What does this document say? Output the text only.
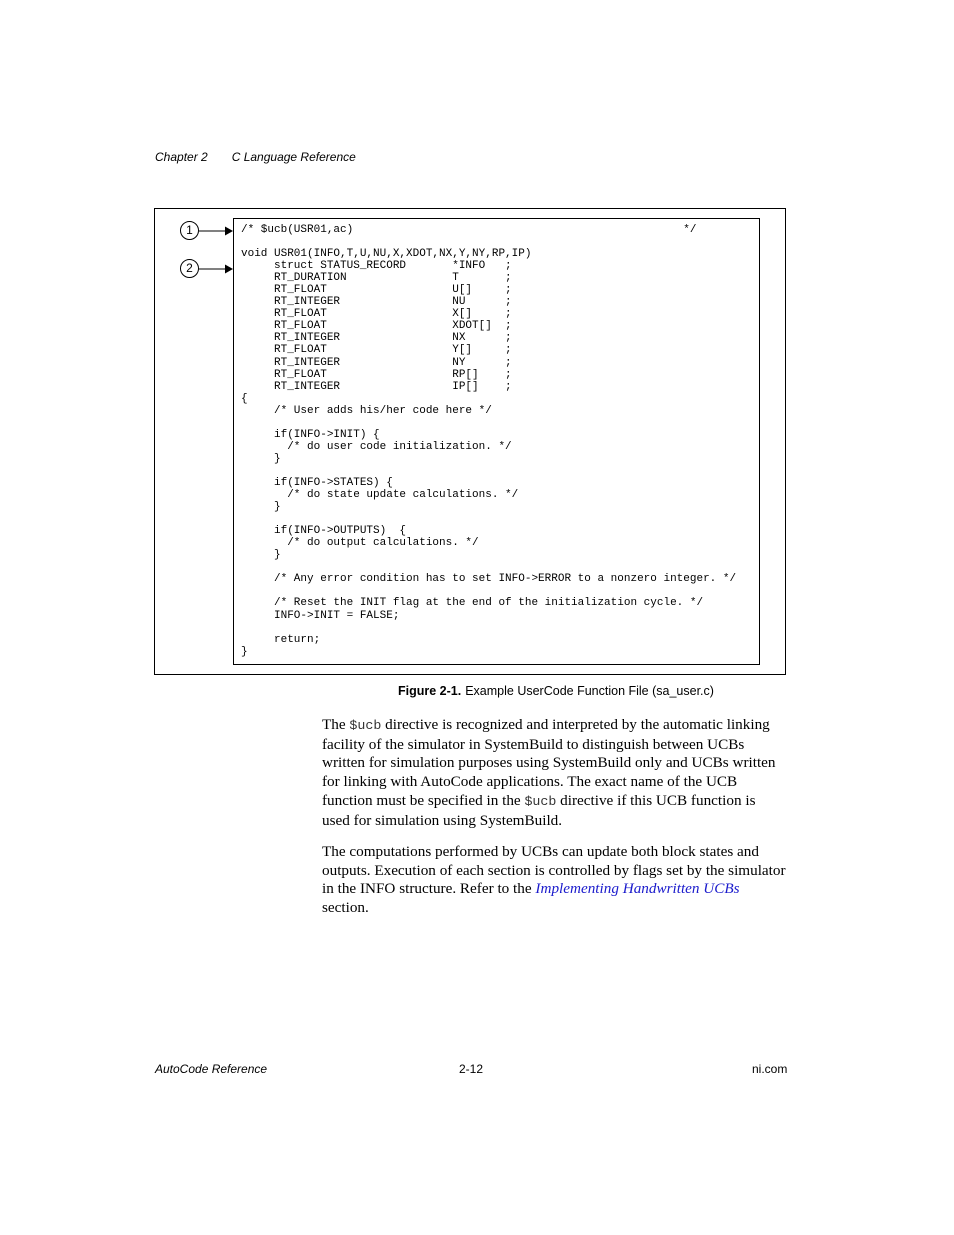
Chapter 2 C Language Reference
/* $ucb(USR01,ac)                                                  */

void USR01(INFO,T,U,NU,X,XDOT,NX,Y,NY,RP,IP)
struct STATUS_RECORD       *INFO   ;
RT_DURATION                T       ;
RT_FLOAT                   U[]     ;
RT_INTEGER                 NU      ;
RT_FLOAT                   X[]     ;
RT_FLOAT                   XDOT[]  ;
RT_INTEGER                 NX      ;
RT_FLOAT                   Y[]     ;
RT_INTEGER                 NY      ;
RT_FLOAT                   RP[]    ;
RT_INTEGER                 IP[]    ;
{
/* User adds his/her code here */

if(INFO->INIT) {
/* do user code initialization. */
}

if(INFO->STATES) {
/* do state update calculations. */
}

if(INFO->OUTPUTS)  {
/* do output calculations. */
}

/* Any error condition has to set INFO->ERROR to a nonzero integer. */

/* Reset the INIT flag at the end of the initialization cycle. */
INFO->INIT = FALSE;

return;
}
1
2
Figure 2-1. Example UserCode Function File (sa_user.c)

The $ucb directive is recognized and interpreted by the automatic linking facility of the simulator in SystemBuild to distinguish between UCBs written for simulation purposes using SystemBuild only and UCBs written for linking with AutoCode applications. The exact name of the UCB function must be specified in the $ucb directive if this UCB function is used for simulation using SystemBuild.

The computations performed by UCBs can update both block states and outputs. Execution of each section is controlled by flags set by the simulator in the INFO structure. Refer to the Implementing Handwritten UCBs section.

AutoCode Reference	2-12	ni.com
